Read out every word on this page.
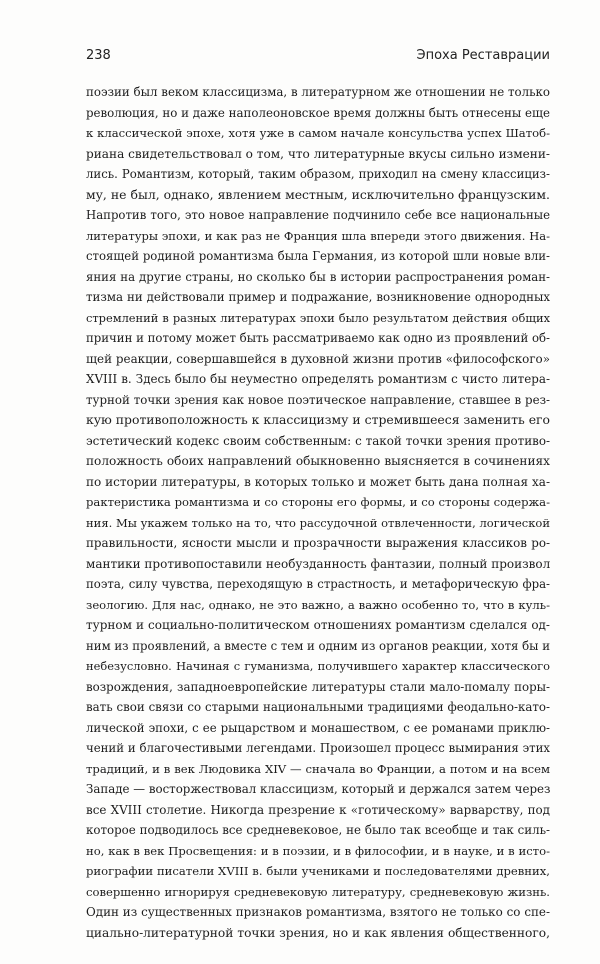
238	Эпоха Реставрации
поэзии был веком классицизма, в литературном же отношении не только
революция, но и даже наполеоновское время должны быть отнесены еще
к классической эпохе, хотя уже в самом начале консульства успех Шатоб-
риана свидетельствовал о том, что литературные вкусы сильно измени-
лись. Романтизм, который, таким образом, приходил на смену классициз-
му, не был, однако, явлением местным, исключительно французским.
Напротив того, это новое направление подчинило себе все национальные
литературы эпохи, и как раз не Франция шла впереди этого движения. На-
стоящей родиной романтизма была Германия, из которой шли новые вли-
яния на другие страны, но сколько бы в истории распространения роман-
тизма ни действовали пример и подражание, возникновение однородных
стремлений в разных литературах эпохи было результатом действия общих
причин и потому может быть рассматриваемо как одно из проявлений об-
щей реакции, совершавшейся в духовной жизни против «философского»
XVIII в. Здесь было бы неуместно определять романтизм с чисто литера-
турной точки зрения как новое поэтическое направление, ставшее в рез-
кую противоположность к классицизму и стремившееся заменить его
эстетический кодекс своим собственным: с такой точки зрения противо-
положность обоих направлений обыкновенно выясняется в сочинениях
по истории литературы, в которых только и может быть дана полная ха-
рактеристика романтизма и со стороны его формы, и со стороны содержа-
ния. Мы укажем только на то, что рассудочной отвлеченности, логической
правильности, ясности мысли и прозрачности выражения классиков ро-
мантики противопоставили необузданность фантазии, полный произвол
поэта, силу чувства, переходящую в страстность, и метафорическую фра-
зеологию. Для нас, однако, не это важно, а важно особенно то, что в куль-
турном и социально-политическом отношениях романтизм сделался од-
ним из проявлений, а вместе с тем и одним из органов реакции, хотя бы и
небезусловно. Начиная с гуманизма, получившего характер классического
возрождения, западноевропейские литературы стали мало-помалу поры-
вать свои связи со старыми национальными традициями феодально-като-
лической эпохи, с ее рыцарством и монашеством, с ее романами приклю-
чений и благочестивыми легендами. Произошел процесс вымирания этих
традиций, и в век Людовика XIV — сначала во Франции, а потом и на всем
Западе — восторжествовал классицизм, который и держался затем через
все XVIII столетие. Никогда презрение к «готическому» варварству, под
которое подводилось все средневековое, не было так всеобще и так силь-
но, как в век Просвещения: и в поэзии, и в философии, и в науке, и в исто-
риографии писатели XVIII в. были учениками и последователями древних,
совершенно игнорируя средневековую литературу, средневековую жизнь.
Один из существенных признаков романтизма, взятого не только со спе-
циально-литературной точки зрения, но и как явления общественного,
